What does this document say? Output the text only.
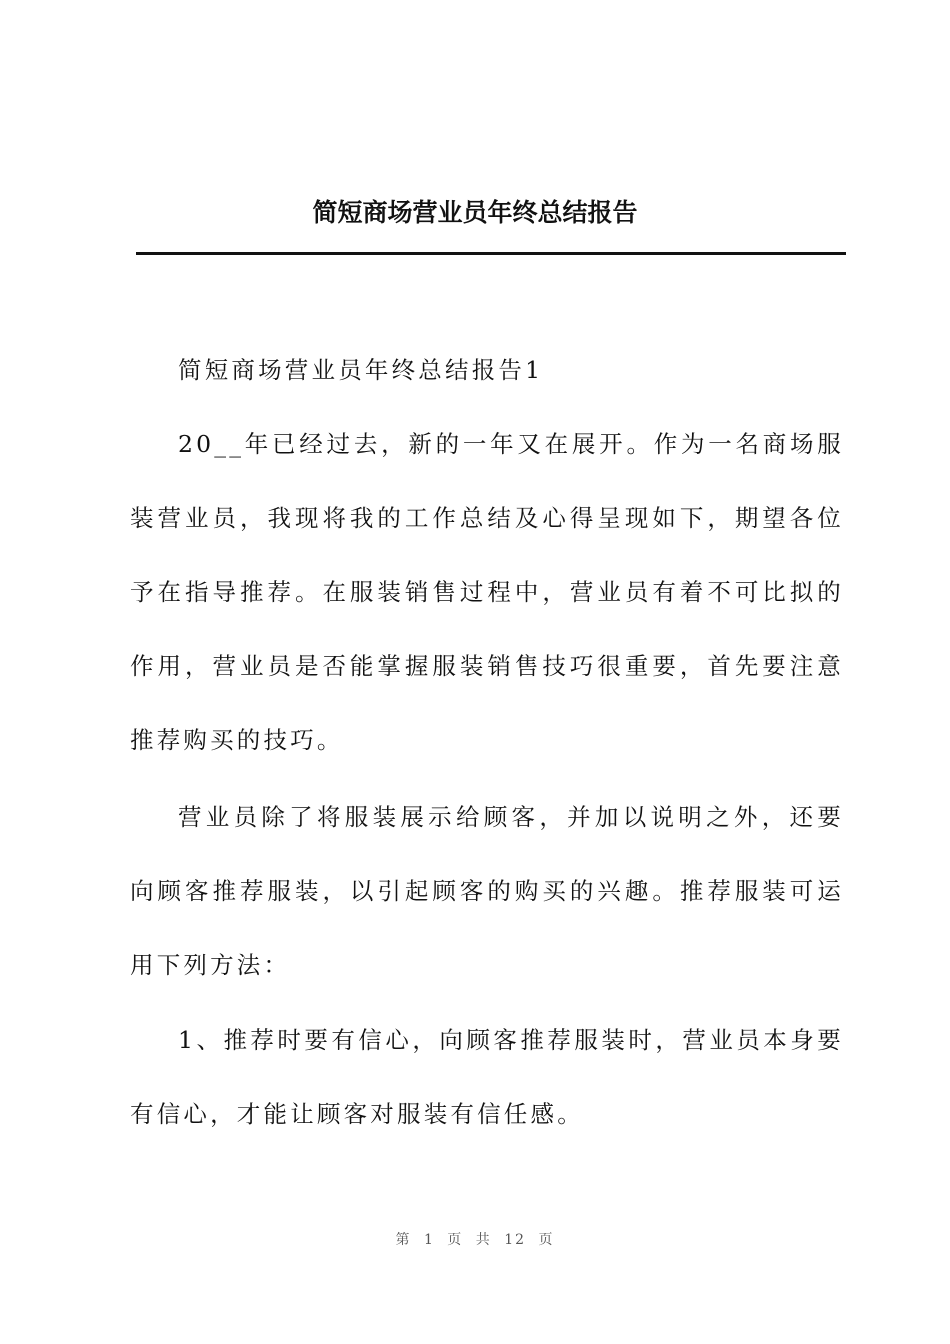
简短商场营业员年终总结报告

简短商场营业员年终总结报告1

20__年已经过去，新的一年又在展开。作为一名商场服装营业员，我现将我的工作总结及心得呈现如下，期望各位予在指导推荐。在服装销售过程中，营业员有着不可比拟的作用，营业员是否能掌握服装销售技巧很重要，首先要注意推荐购买的技巧。

营业员除了将服装展示给顾客，并加以说明之外，还要向顾客推荐服装，以引起顾客的购买的兴趣。推荐服装可运用下列方法：

1、推荐时要有信心，向顾客推荐服装时，营业员本身要有信心，才能让顾客对服装有信任感。

第 1 页 共 12 页
